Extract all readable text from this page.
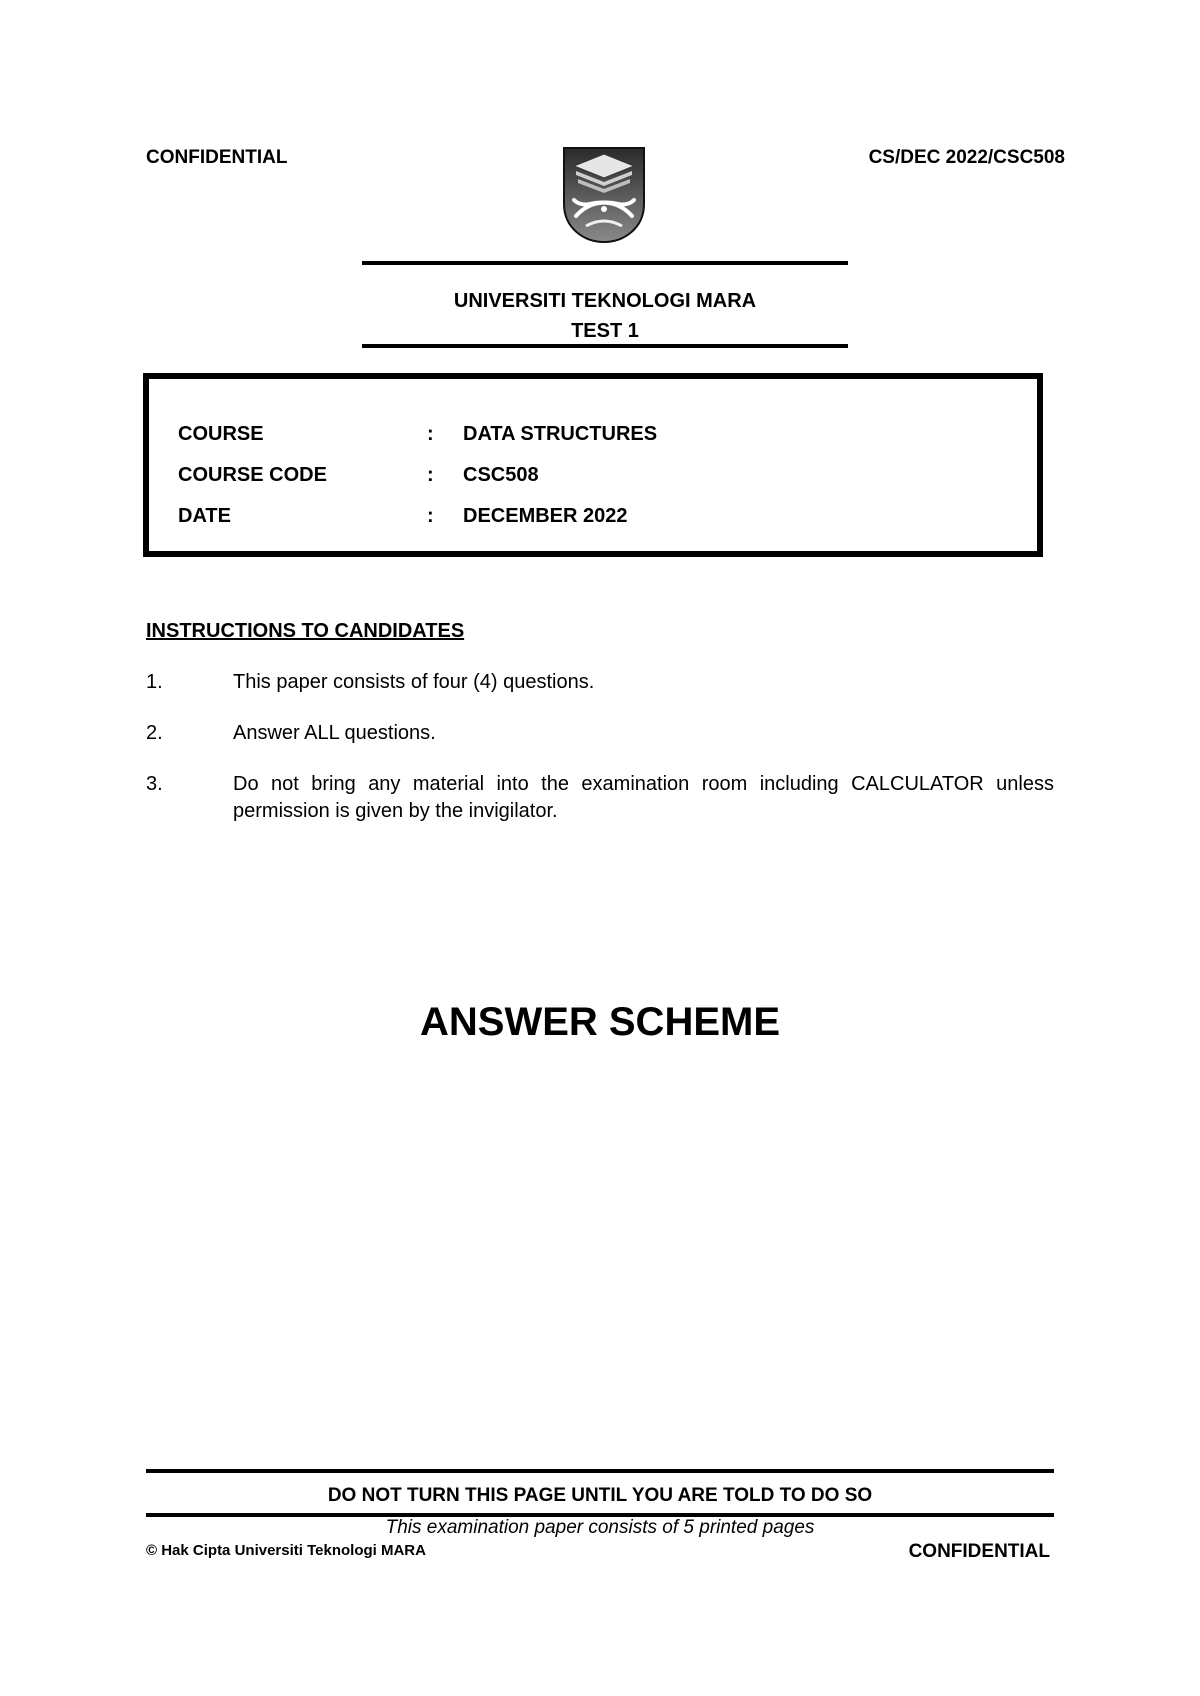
CONFIDENTIAL	CS/DEC 2022/CSC508
UNIVERSITI TEKNOLOGI MARA
TEST 1
COURSE	: DATA STRUCTURES
COURSE CODE	: CSC508
DATE	: DECEMBER 2022
INSTRUCTIONS TO CANDIDATES
1.	This paper consists of four (4) questions.
2.	Answer ALL questions.
3.	Do not bring any material into the examination room including CALCULATOR unless permission is given by the invigilator.
ANSWER SCHEME
DO NOT TURN THIS PAGE UNTIL YOU ARE TOLD TO DO SO
This examination paper consists of 5 printed pages
© Hak Cipta Universiti Teknologi MARA	CONFIDENTIAL
